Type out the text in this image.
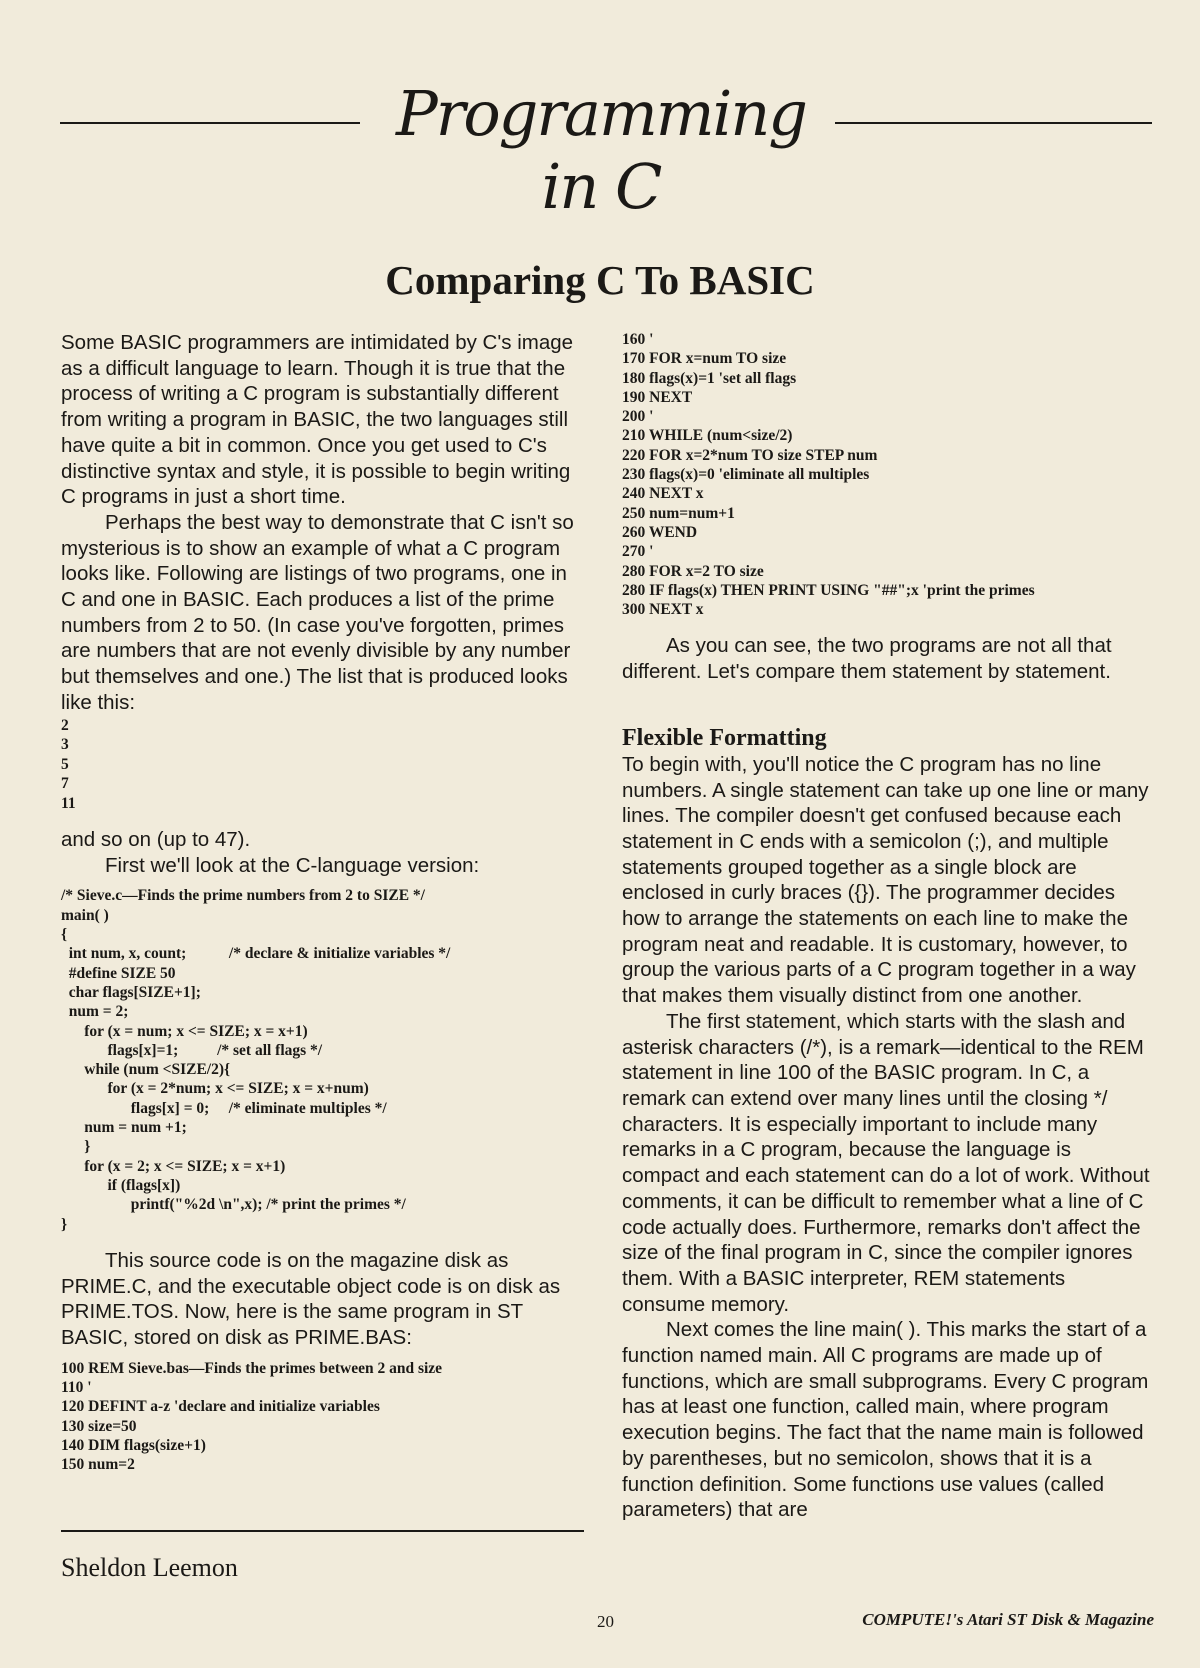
Programming in C
Comparing C To BASIC

Some BASIC programmers are intimidated by C's image as a difficult language to learn. Though it is true that the process of writing a C program is substantially different from writing a program in BASIC, the two languages still have quite a bit in common. Once you get used to C's distinctive syntax and style, it is possible to begin writing C programs in just a short time.

Perhaps the best way to demonstrate that C isn't so mysterious is to show an example of what a C program looks like. Following are listings of two programs, one in C and one in BASIC. Each produces a list of the prime numbers from 2 to 50. (In case you've forgotten, primes are numbers that are not evenly divisible by any number but themselves and one.) The list that is produced looks like this:

2
3
5
7
11

and so on (up to 47).

First we'll look at the C-language version:

/* Sieve.c—Finds the prime numbers from 2 to SIZE */
main( )
{
int num, x, count;           /* declare & initialize variables */
#define SIZE 50
char flags[SIZE+1];
num = 2;
for (x = num; x <= SIZE; x = x+1)
flags[x]=1;          /* set all flags */
while (num <SIZE/2){
for (x = 2*num; x <= SIZE; x = x+num)
flags[x] = 0;     /* eliminate multiples */
num = num +1;
}
for (x = 2; x <= SIZE; x = x+1)
if (flags[x])
printf("%2d \n",x); /* print the primes */
}

This source code is on the magazine disk as PRIME.C, and the executable object code is on disk as PRIME.TOS. Now, here is the same program in ST BASIC, stored on disk as PRIME.BAS:

100 REM Sieve.bas—Finds the primes between 2 and size
110 '
120 DEFINT a-z 'declare and initialize variables
130 size=50
140 DIM flags(size+1)
150 num=2

Sheldon Leemon

160 '
170 FOR x=num TO size
180 flags(x)=1 'set all flags
190 NEXT
200 '
210 WHILE (num<size/2)
220 FOR x=2*num TO size STEP num
230 flags(x)=0 'eliminate all multiples
240 NEXT x
250 num=num+1
260 WEND
270 '
280 FOR x=2 TO size
280 IF flags(x) THEN PRINT USING "##";x 'print the primes
300 NEXT x

As you can see, the two programs are not all that different. Let's compare them statement by statement.

Flexible Formatting

To begin with, you'll notice the C program has no line numbers. A single statement can take up one line or many lines. The compiler doesn't get confused because each statement in C ends with a semicolon (;), and multiple statements grouped together as a single block are enclosed in curly braces ({}). The programmer decides how to arrange the statements on each line to make the program neat and readable. It is customary, however, to group the various parts of a C program together in a way that makes them visually distinct from one another.

The first statement, which starts with the slash and asterisk characters (/*), is a remark—identical to the REM statement in line 100 of the BASIC program. In C, a remark can extend over many lines until the closing */ characters. It is especially important to include many remarks in a C program, because the language is compact and each statement can do a lot of work. Without comments, it can be difficult to remember what a line of C code actually does. Furthermore, remarks don't affect the size of the final program in C, since the compiler ignores them. With a BASIC interpreter, REM statements consume memory.

Next comes the line main( ). This marks the start of a function named main. All C programs are made up of functions, which are small subprograms. Every C program has at least one function, called main, where program execution begins. The fact that the name main is followed by parentheses, but no semicolon, shows that it is a function definition. Some functions use values (called parameters) that are

20	COMPUTE!'s Atari ST Disk & Magazine
